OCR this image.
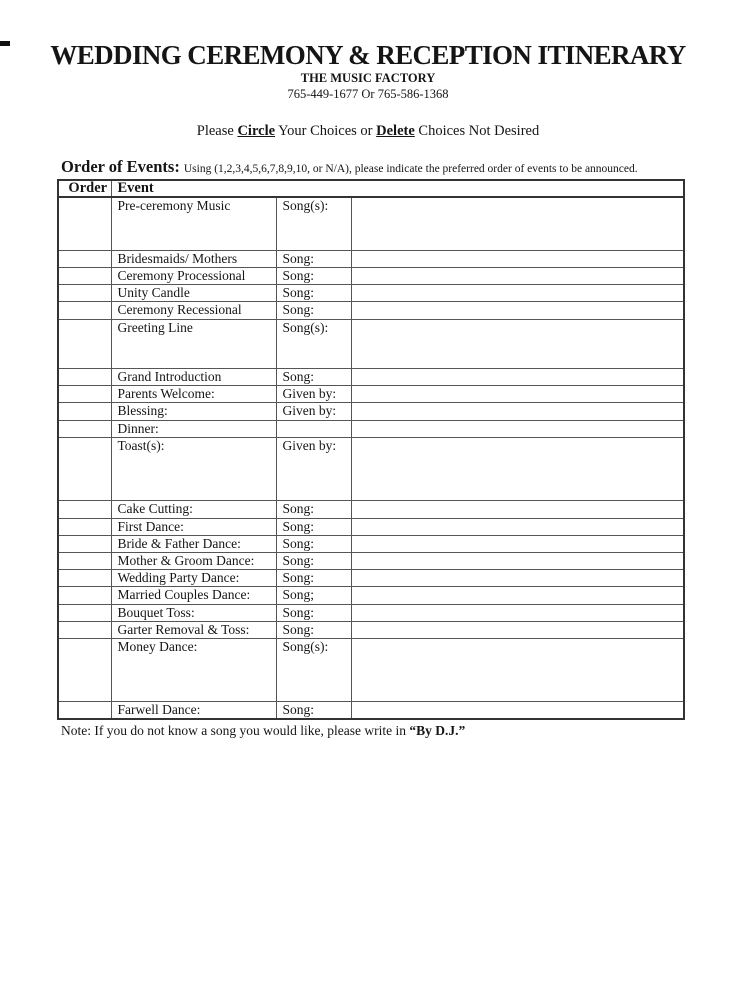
WEDDING CEREMONY & RECEPTION ITINERARY
THE MUSIC FACTORY
765-449-1677 Or 765-586-1368
Please Circle Your Choices or Delete Choices Not Desired
Order of Events: Using (1,2,3,4,5,6,7,8,9,10, or N/A), please indicate the preferred order of events to be announced.
Order	Event		
	Pre-ceremony Music	Song(s):	
	Bridesmaids/ Mothers	Song:	
	Ceremony Processional	Song:	
	Unity Candle	Song:	
	Ceremony Recessional	Song:	
	Greeting Line	Song(s):	
	Grand Introduction	Song:	
	Parents Welcome:	Given by:	
	Blessing:	Given by:	
	Dinner:		
	Toast(s):	Given by:	
	Cake Cutting:	Song:	
	First Dance:	Song:	
	Bride & Father Dance:	Song:	
	Mother & Groom Dance:	Song:	
	Wedding Party Dance:	Song:	
	Married Couples Dance:	Song;	
	Bouquet Toss:	Song:	
	Garter Removal & Toss:	Song:	
	Money Dance:	Song(s):	
	Farwell Dance:	Song:	
Note: If you do not know a song you would like, please write in “By D.J.”
